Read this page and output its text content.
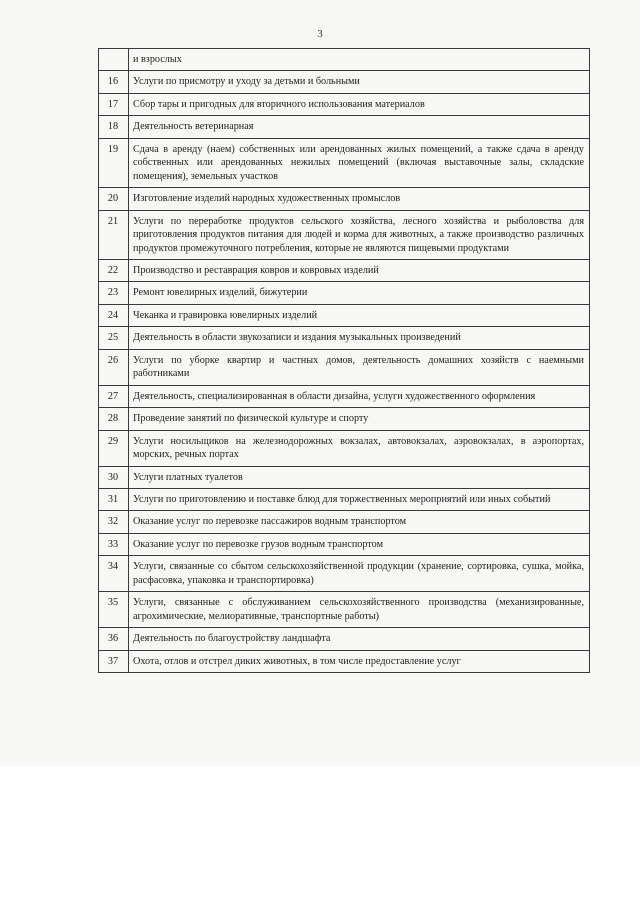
3
	и взрослых
16	Услуги по присмотру и уходу за детьми и больными
17	Сбор тары и пригодных для вторичного использования материалов
18	Деятельность ветеринарная
19	Сдача в аренду (наем) собственных или арендованных жилых помещений, а также сдача в аренду собственных или арендованных нежилых помещений (включая выставочные залы, складские помещения), земельных участков
20	Изготовление изделий народных художественных промыслов
21	Услуги по переработке продуктов сельского хозяйства, лесного хозяйства и рыболовства для приготовления продуктов питания для людей и корма для животных, а также производство различных продуктов промежуточного потребления, которые не являются пищевыми продуктами
22	Производство и реставрация ковров и ковровых изделий
23	Ремонт ювелирных изделий, бижутерии
24	Чеканка и гравировка ювелирных изделий
25	Деятельность в области звукозаписи и издания музыкальных произведений
26	Услуги по уборке квартир и частных домов, деятельность домашних хозяйств с наемными работниками
27	Деятельность, специализированная в области дизайна, услуги художественного оформления
28	Проведение занятий по физической культуре и спорту
29	Услуги носильщиков на железнодорожных вокзалах, автовокзалах, аэровокзалах, в аэропортах, морских, речных портах
30	Услуги платных туалетов
31	Услуги по приготовлению и поставке блюд для торжественных мероприятий или иных событий
32	Оказание услуг по перевозке пассажиров водным транспортом
33	Оказание услуг по перевозке грузов водным транспортом
34	Услуги, связанные со сбытом сельскохозяйственной продукции (хранение, сортировка, сушка, мойка, расфасовка, упаковка и транспортировка)
35	Услуги, связанные с обслуживанием сельскохозяйственного производства (механизированные, агрохимические, мелиоративные, транспортные работы)
36	Деятельность по благоустройству ландшафта
37	Охота, отлов и отстрел диких животных, в том числе предоставление услуг
